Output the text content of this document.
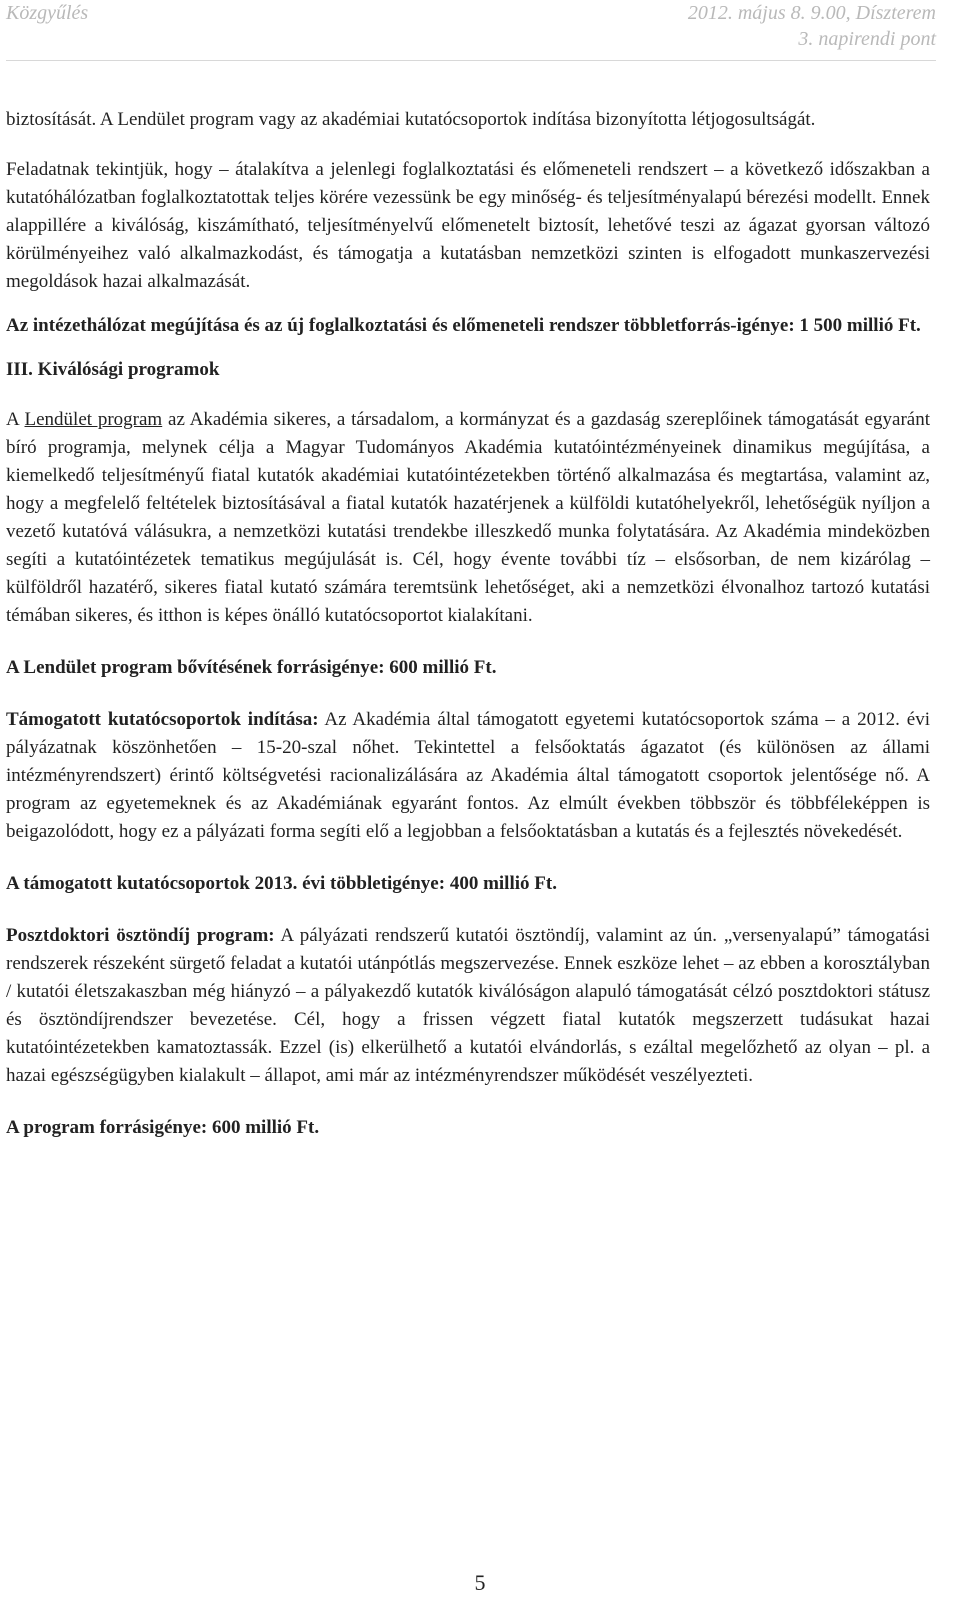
Közgyűlés	2012. május 8. 9.00, Díszterem
3. napirendi pont

biztosítását. A Lendület program vagy az akadémiai kutatócsoportok indítása bizonyította létjogosultságát.

Feladatnak tekintjük, hogy – átalakítva a jelenlegi foglalkoztatási és előmeneteli rendszert – a következő időszakban a kutatóhálózatban foglalkoztatottak teljes körére vezessünk be egy minőség- és teljesítményalapú bérezési modellt. Ennek alappillére a kiválóság, kiszámítható, teljesítményelvű előmenetelt biztosít, lehetővé teszi az ágazat gyorsan változó körülményeihez való alkalmazkodást, és támogatja a kutatásban nemzetközi szinten is elfogadott munkaszervezési megoldások hazai alkalmazását.

Az intézethálózat megújítása és az új foglalkoztatási és előmeneteli rendszer többletforrás-igénye: 1 500 millió Ft.

III. Kiválósági programok

A Lendület program az Akadémia sikeres, a társadalom, a kormányzat és a gazdaság szereplőinek támogatását egyaránt bíró programja, melynek célja a Magyar Tudományos Akadémia kutatóintézményeinek dinamikus megújítása, a kiemelkedő teljesítményű fiatal kutatók akadémiai kutatóintézetekben történő alkalmazása és megtartása, valamint az, hogy a megfelelő feltételek biztosításával a fiatal kutatók hazatérjenek a külföldi kutatóhelyekről, lehetőségük nyíljon a vezető kutatóvá válásukra, a nemzetközi kutatási trendekbe illeszkedő munka folytatására. Az Akadémia mindeközben segíti a kutatóintézetek tematikus megújulását is. Cél, hogy évente további tíz – elsősorban, de nem kizárólag – külföldről hazatérő, sikeres fiatal kutató számára teremtsünk lehetőséget, aki a nemzetközi élvonalhoz tartozó kutatási témában sikeres, és itthon is képes önálló kutatócsoportot kialakítani.

A Lendület program bővítésének forrásigénye: 600 millió Ft.

Támogatott kutatócsoportok indítása: Az Akadémia által támogatott egyetemi kutatócsoportok száma – a 2012. évi pályázatnak köszönhetően – 15-20-szal nőhet. Tekintettel a felsőoktatás ágazatot (és különösen az állami intézményrendszert) érintő költségvetési racionalizálására az Akadémia által támogatott csoportok jelentősége nő. A program az egyetemeknek és az Akadémiának egyaránt fontos. Az elmúlt években többször és többféleképpen is beigazolódott, hogy ez a pályázati forma segíti elő a legjobban a felsőoktatásban a kutatás és a fejlesztés növekedését.

A támogatott kutatócsoportok 2013. évi többletigénye: 400 millió Ft.

Posztdoktori ösztöndíj program: A pályázati rendszerű kutatói ösztöndíj, valamint az ún. „versenyalapú” támogatási rendszerek részeként sürgető feladat a kutatói utánpótlás megszervezése. Ennek eszköze lehet – az ebben a korosztályban / kutatói életszakaszban még hiányzó – a pályakezdő kutatók kiválóságon alapuló támogatását célzó posztdoktori státusz és ösztöndíjrendszer bevezetése. Cél, hogy a frissen végzett fiatal kutatók megszerzett tudásukat hazai kutatóintézetekben kamatoztassák. Ezzel (is) elkerülhető a kutatói elvándorlás, s ezáltal megelőzhető az olyan – pl. a hazai egészségügyben kialakult – állapot, ami már az intézményrendszer működését veszélyezteti.

A program forrásigénye: 600 millió Ft.

5
